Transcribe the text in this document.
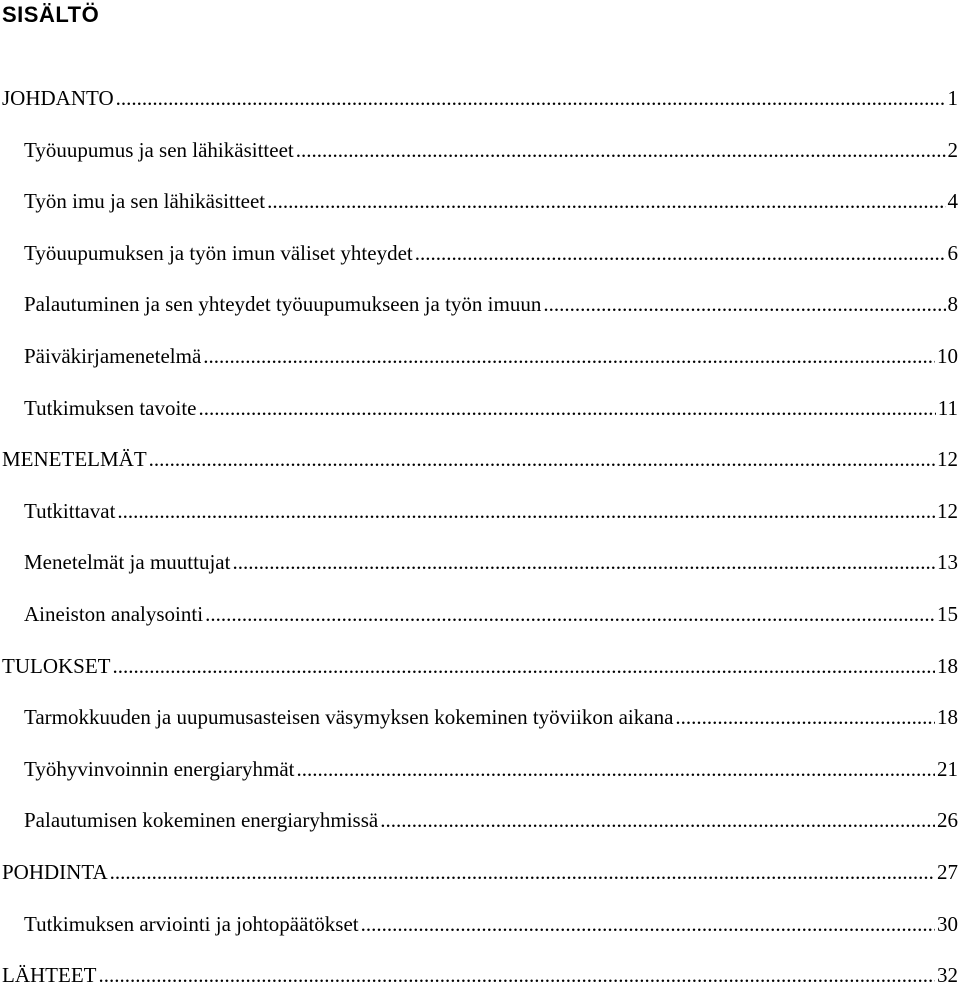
SISÄLTÖ
JOHDANTO .....	1
Työuupumus ja sen lähikäsitteet .....	2
Työn imu ja sen lähikäsitteet .....	4
Työuupumuksen ja työn imun väliset yhteydet .....	6
Palautuminen ja sen yhteydet työuupumukseen ja työn imuun .....	8
Päiväkirjamenetelmä .....	10
Tutkimuksen tavoite .....	11
MENETELMÄT .....	12
Tutkittavat .....	12
Menetelmät ja muuttujat .....	13
Aineiston analysointi .....	15
TULOKSET .....	18
Tarmokkuuden ja uupumusasteisen väsymyksen kokeminen työviikon aikana .....	18
Työhyvinvoinnin energiaryhmät .....	21
Palautumisen kokeminen energiaryhmissä .....	26
POHDINTA .....	27
Tutkimuksen arviointi ja johtopäätökset .....	30
LÄHTEET .....	32
